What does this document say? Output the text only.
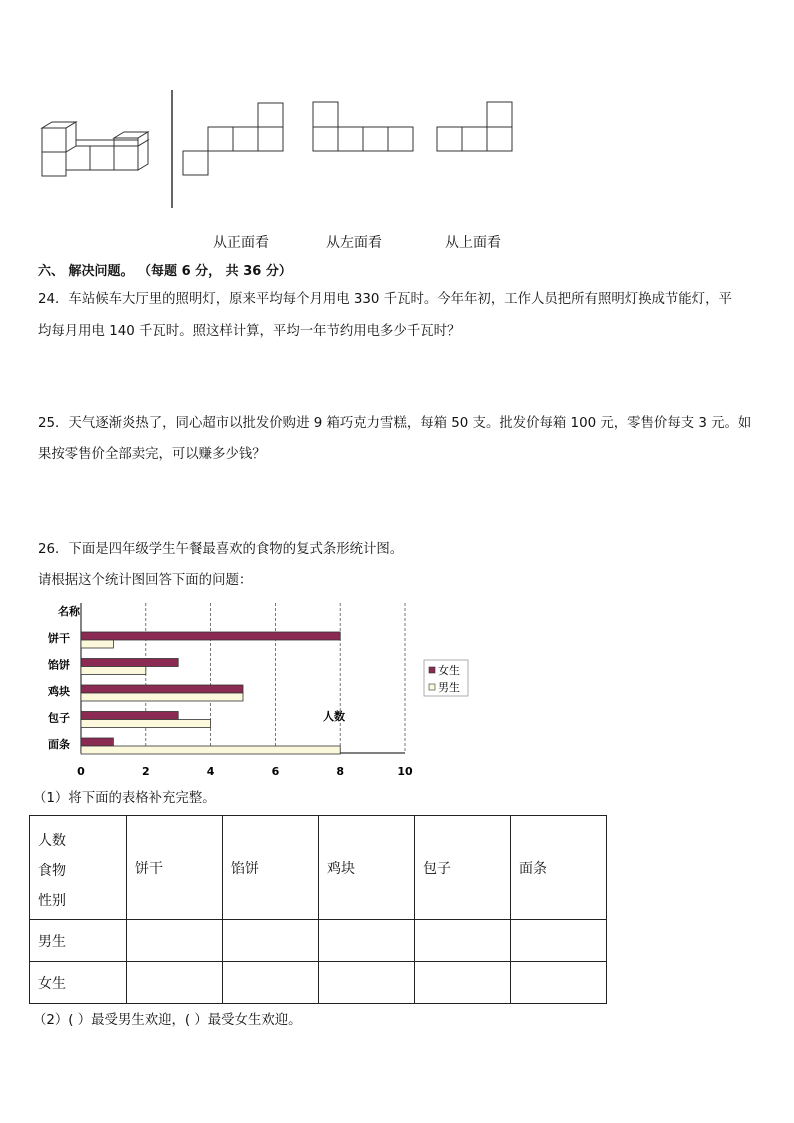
从正面看	从左面看	从上面看
六、 解决问题。 （每题 6 分， 共 36 分）
24．车站候车大厅里的照明灯，原来平均每个月用电 330 千瓦时。今年年初，工作人员把所有照明灯换成节能灯，平
均每月用电 140 千瓦时。照这样计算，平均一年节约用电多少千瓦时？
25．天气逐渐炎热了，同心超市以批发价购进 9 箱巧克力雪糕，每箱 50 支。批发价每箱 100 元，零售价每支 3 元。如
果按零售价全部卖完，可以赚多少钱？
26．下面是四年级学生午餐最喜欢的食物的复式条形统计图。
请根据这个统计图回答下面的问题：
0	2	4	6	8	10
名称
人数
饼干
馅饼
鸡块
包子
面条
女生
男生
（1）将下面的表格补充完整。
人数
食物
性别	饼干	馅饼	鸡块	包子	面条
男生					
女生					
（2）( ）最受男生欢迎，( ）最受女生欢迎。
